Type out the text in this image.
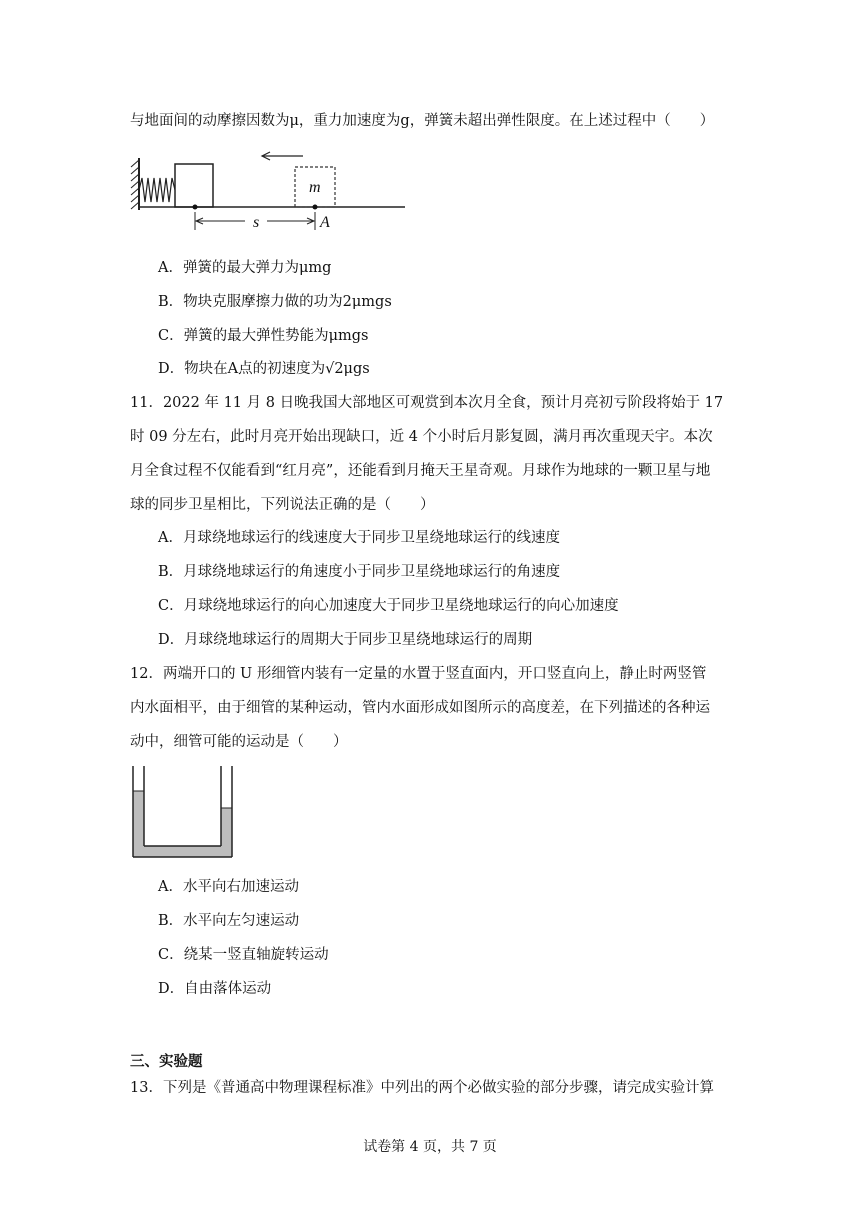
与地面间的动摩擦因数为μ，重力加速度为g，弹簧未超出弹性限度。在上述过程中（　　）
m
s	A
A．弹簧的最大弹力为μmg
B．物块克服摩擦力做的功为2μmgs
C．弹簧的最大弹性势能为μmgs
D．物块在A点的初速度为√2μgs
11．2022 年 11 月 8 日晚我国大部地区可观赏到本次月全食，预计月亮初亏阶段将始于 17
时 09 分左右，此时月亮开始出现缺口，近 4 个小时后月影复圆，满月再次重现天宇。本次
月全食过程不仅能看到“红月亮”，还能看到月掩天王星奇观。月球作为地球的一颗卫星与地
球的同步卫星相比，下列说法正确的是（　　）
A．月球绕地球运行的线速度大于同步卫星绕地球运行的线速度
B．月球绕地球运行的角速度小于同步卫星绕地球运行的角速度
C．月球绕地球运行的向心加速度大于同步卫星绕地球运行的向心加速度
D．月球绕地球运行的周期大于同步卫星绕地球运行的周期
12．两端开口的 U 形细管内装有一定量的水置于竖直面内，开口竖直向上，静止时两竖管
内水面相平，由于细管的某种运动，管内水面形成如图所示的高度差，在下列描述的各种运
动中，细管可能的运动是（　　）
A．水平向右加速运动
B．水平向左匀速运动
C．绕某一竖直轴旋转运动
D．自由落体运动
三、实验题
13．下列是《普通高中物理课程标准》中列出的两个必做实验的部分步骤，请完成实验计算
试卷第 4 页，共 7 页
